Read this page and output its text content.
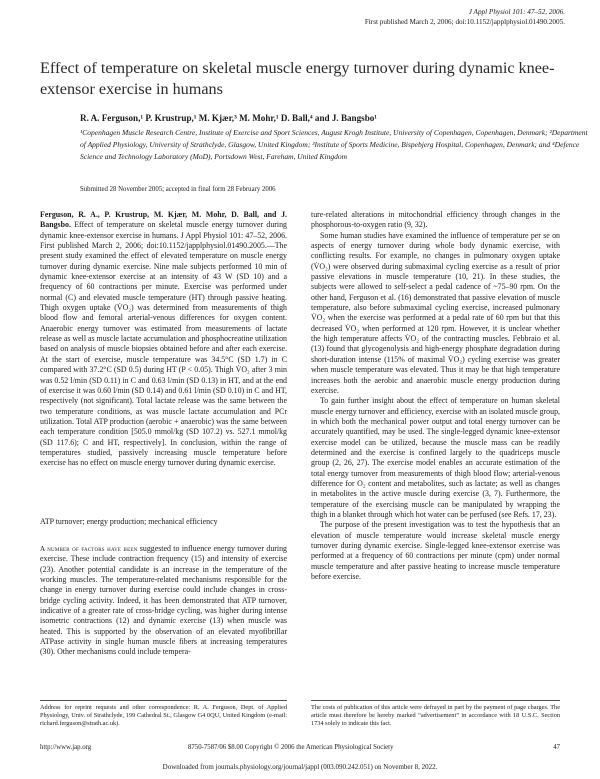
J Appl Physiol 101: 47–52, 2006.
First published March 2, 2006; doi:10.1152/japplphysiol.01490.2005.
Effect of temperature on skeletal muscle energy turnover during dynamic knee-extensor exercise in humans
R. A. Ferguson,¹ P. Krustrup,¹ M. Kjær,³ M. Mohr,¹ D. Ball,⁴ and J. Bangsbo¹
¹Copenhagen Muscle Research Centre, Institute of Exercise and Sport Sciences, August Krogh Institute, University of Copenhagen, Copenhagen, Denmark; ²Department of Applied Physiology, University of Strathclyde, Glasgow, United Kingdom; ³Institute of Sports Medicine, Bispebjerg Hospital, Copenhagen, Denmark; and ⁴Defence Science and Technology Laboratory (MoD), Portsdown West, Fareham, United Kingdom
Submitted 28 November 2005; accepted in final form 28 February 2006
Ferguson, R. A., P. Krustrup, M. Kjær, M. Mohr, D. Ball, and J. Bangsbo. Effect of temperature on skeletal muscle energy turnover during dynamic knee-extensor exercise in humans. J Appl Physiol 101: 47–52, 2006. First published March 2, 2006; doi:10.1152/japplphysiol.01490.2005.—The present study examined the effect of elevated temperature on muscle energy turnover during dynamic exercise. Nine male subjects performed 10 min of dynamic knee-extensor exercise at an intensity of 43 W (SD 10) and a frequency of 60 contractions per minute. Exercise was performed under normal (C) and elevated muscle temperature (HT) through passive heating. Thigh oxygen uptake (V̇O₂) was determined from measurements of thigh blood flow and femoral arterial-venous differences for oxygen content. Anaerobic energy turnover was estimated from measurements of lactate release as well as muscle lactate accumulation and phosphocreatine utilization based on analysis of muscle biopsies obtained before and after each exercise. At the start of exercise, muscle temperature was 34.5°C (SD 1.7) in C compared with 37.2°C (SD 0.5) during HT (P < 0.05). Thigh V̇O₂ after 3 min was 0.52 l/min (SD 0.11) in C and 0.63 l/min (SD 0.13) in HT, and at the end of exercise it was 0.60 l/min (SD 0.14) and 0.61 l/min (SD 0.10) in C and HT, respectively (not significant). Total lactate release was the same between the two temperature conditions, as was muscle lactate accumulation and PCr utilization. Total ATP production (aerobic + anaerobic) was the same between each temperature condition [505.0 mmol/kg (SD 107.2) vs. 527.1 mmol/kg (SD 117.6); C and HT, respectively]. In conclusion, within the range of temperatures studied, passively increasing muscle temperature before exercise has no effect on muscle energy turnover during dynamic exercise.
ATP turnover; energy production; mechanical efficiency
A number of factors have been suggested to influence energy turnover during exercise. These include contraction frequency (15) and intensity of exercise (23). Another potential candidate is an increase in the temperature of the working muscles. The temperature-related mechanisms responsible for the change in energy turnover during exercise could include changes in cross-bridge cycling activity. Indeed, it has been demonstrated that ATP turnover, indicative of a greater rate of cross-bridge cycling, was higher during intense isometric contractions (12) and dynamic exercise (13) when muscle was heated. This is supported by the observation of an elevated myofibrillar ATPase activity in single human muscle fibers at increasing temperatures (30). Other mechanisms could include tempera-

ture-related alterations in mitochondrial efficiency through changes in the phosphorous-to-oxygen ratio (9, 32).

Some human studies have examined the influence of temperature per se on aspects of energy turnover during whole body dynamic exercise, with conflicting results. For example, no changes in pulmonary oxygen uptake (V̇O₂) were observed during submaximal cycling exercise as a result of prior passive elevations in muscle temperature (10, 21). In these studies, the subjects were allowed to self-select a pedal cadence of ~75–90 rpm. On the other hand, Ferguson et al. (16) demonstrated that passive elevation of muscle temperature, also before submaximal cycling exercise, increased pulmonary V̇O₂ when the exercise was performed at a pedal rate of 60 rpm but that this decreased V̇O₂ when performed at 120 rpm. However, it is unclear whether the high temperature affects V̇O₂ of the contracting muscles. Febbraio et al. (13) found that glycogenolysis and high-energy phosphate degradation during short-duration intense (115% of maximal V̇O₂) cycling exercise was greater when muscle temperature was elevated. Thus it may be that high temperature increases both the aerobic and anaerobic muscle energy production during exercise.

To gain further insight about the effect of temperature on human skeletal muscle energy turnover and efficiency, exercise with an isolated muscle group, in which both the mechanical power output and total energy turnover can be accurately quantified, may be used. The single-legged dynamic knee-extensor exercise model can be utilized, because the muscle mass can be readily determined and the exercise is confined largely to the quadriceps muscle group (2, 26, 27). The exercise model enables an accurate estimation of the total energy turnover from measurements of thigh blood flow; arterial-venous difference for O₂ content and metabolites, such as lactate; as well as changes in metabolites in the active muscle during exercise (3, 7). Furthermore, the temperature of the exercising muscle can be manipulated by wrapping the thigh in a blanket through which hot water can be perfused (see Refs. 17, 23).

The purpose of the present investigation was to test the hypothesis that an elevation of muscle temperature would increase skeletal muscle energy turnover during dynamic exercise. Single-legged knee-extensor exercise was performed at a frequency of 60 contractions per minute (cpm) under normal muscle temperature and after passive heating to increase muscle temperature before exercise.

Address for reprint requests and other correspondence: R. A. Ferguson, Dept. of Applied Physiology, Univ. of Strathclyde, 199 Cathedral St., Glasgow G4 0QU, United Kingdom (e-mail: richard.ferguson@strath.ac.uk).
The costs of publication of this article were defrayed in part by the payment of page charges. The article must therefore be hereby marked “advertisement” in accordance with 18 U.S.C. Section 1734 solely to indicate this fact.
http://www.jap.org	8750-7587/06 $8.00 Copyright © 2006 the American Physiological Society	47
Downloaded from journals.physiology.org/journal/jappl (003.090.242.051) on November 8, 2022.
